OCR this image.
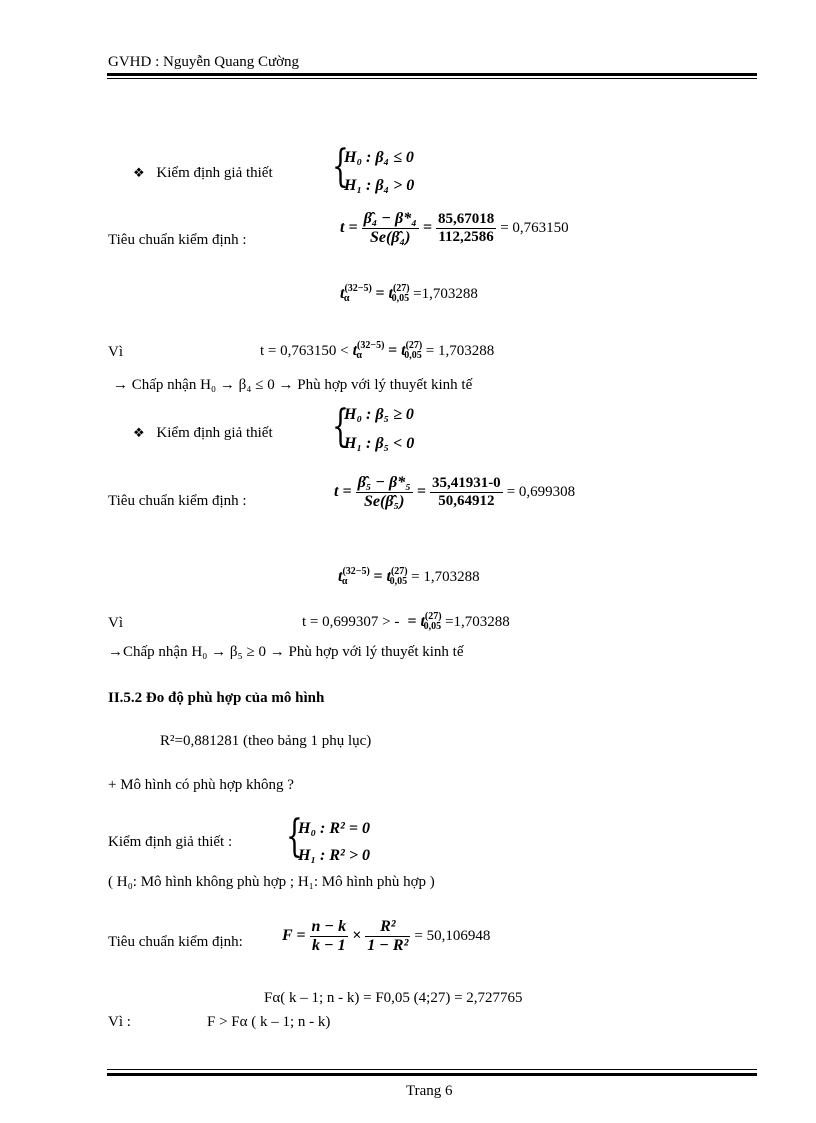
GVHD : Nguyễn Quang Cường
❖ Kiểm định giả thiết {
H₀ : β₄ ≤ 0
H₁ : β₄ > 0
Tiêu chuẩn kiểm định :
$t = \frac{\text{β̂₄ − β*₄}}{\text{Se(β̂₄)}} = \frac{85,67018}{112,2586} = 0,763150$
$t^{(32-5)}_\alpha = t^{(27)}_{0,05} =1,703288$
Vì	$t = 0,763150 < t^{(32-5)}_\alpha = t^{(27)}_{0,05} = 1,703288$
→ Chấp nhận H₀ → β₄ ≤ 0 → Phù hợp với lý thuyết kinh tế
❖ Kiểm định giả thiết {
H₀ : β₅ ≥ 0
H₁ : β₅ < 0
Tiêu chuẩn kiểm định :
$t = \frac{\text{β̂₅ − β*₅}}{\text{Se(β̂₅)}} = \frac{35,41931-0}{50,64912} = 0,699308$
$t^{(32-5)}_\alpha = t^{(27)}_{0,05} = 1,703288$
Vì	t = 0,699307 > - = $t^{(27)}_{0,05} =1,703288$
→Chấp nhận H₀ → β₅ ≥ 0 → Phù hợp với lý thuyết kinh tế
II.5.2 Đo độ phù hợp của mô hình
R²=0,881281 (theo bảng 1 phụ lục)
+ Mô hình có phù hợp không ?
Kiểm định giả thiết : {
H₀ : R² = 0
H₁ : R² > 0
( H₀: Mô hình không phù hợp ; H₁: Mô hình phù hợp )
Tiêu chuẩn kiểm định: $F = \frac{n - k}{k - 1} \times \frac{\text{R²}}{\text{1 − R²}} = 50,106948$
Fα( k – 1; n - k) = F0,05 (4;27) = 2,727765
Vì :	F > Fα ( k – 1; n - k)
Trang 6
